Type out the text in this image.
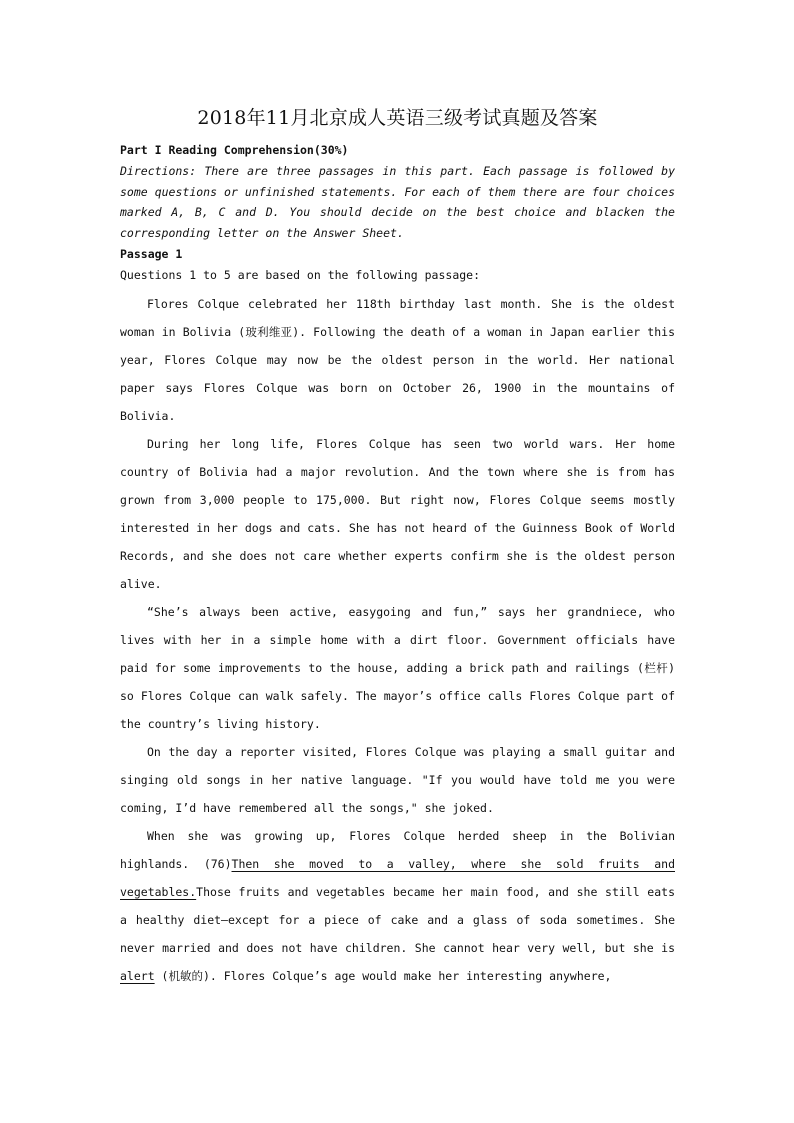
2018年11月北京成人英语三级考试真题及答案
Part I Reading Comprehension(30%)
Directions: There are three passages in this part. Each passage is followed by some questions or unfinished statements. For each of them there are four choices marked A, B, C and D. You should decide on the best choice and blacken the corresponding letter on the Answer Sheet.
Passage 1
Questions 1 to 5 are based on the following passage:

Flores Colque celebrated her 118th birthday last month. She is the oldest woman in Bolivia (玻利维亚). Following the death of a woman in Japan earlier this year, Flores Colque may now be the oldest person in the world. Her national paper says Flores Colque was born on October 26, 1900 in the mountains of Bolivia.

During her long life, Flores Colque has seen two world wars. Her home country of Bolivia had a major revolution. And the town where she is from has grown from 3,000 people to 175,000. But right now, Flores Colque seems mostly interested in her dogs and cats. She has not heard of the Guinness Book of World Records, and she does not care whether experts confirm she is the oldest person alive.

“She’s always been active, easygoing and fun,” says her grandniece, who lives with her in a simple home with a dirt floor. Government officials have paid for some improvements to the house, adding a brick path and railings (栏杆) so Flores Colque can walk safely. The mayor’s office calls Flores Colque part of the country’s living history.

On the day a reporter visited, Flores Colque was playing a small guitar and singing old songs in her native language. "If you would have told me you were coming, I’d have remembered all the songs," she joked.

When she was growing up, Flores Colque herded sheep in the Bolivian highlands. (76)Then she moved to a valley, where she sold fruits and vegetables.Those fruits and vegetables became her main food, and she still eats a healthy diet—except for a piece of cake and a glass of soda sometimes. She never married and does not have children. She cannot hear very well, but she is alert (机敏的). Flores Colque’s age would make her interesting anywhere,
